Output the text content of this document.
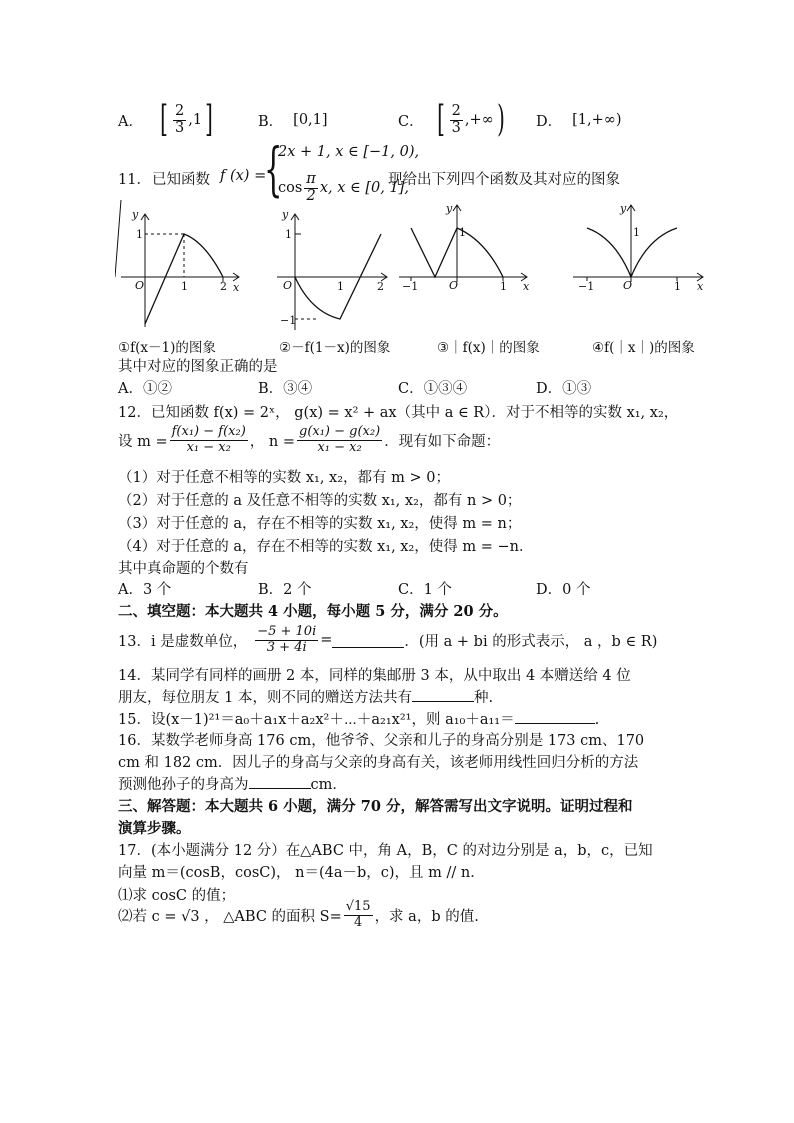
A． [ $\frac{2}{3} ,1$ ]	B． [0,1]	C． [ $\frac{2}{3}$ ,+∞ ) D． [1,+∞)
11． 已知函数 f (x) =
{
2x + 1, x ∈ [−1, 0),
$\cos \frac{\pi}{2} x$, x ∈ [0, 1],
现给出下列四个函数及其对应的图象
y
x
O
1
1	2
y
O
1
1	2
−1
y
x
O
1
−1	1
y
x
O
1
−1	1
①f(x－1)的图象	②－f(1－x)的图象	③｜f(x)｜的图象	④f(｜x｜)的图象
其中对应的图象正确的是
A．①②	B．③④	C．①③④	D．①③
12．已知函数 f(x) = 2ˣ， g(x) = x² + ax（其中 a ∈ R）．对于不相等的实数 x₁, x₂，
设 $m = \frac{\text{f(x₁) − f(x₂)}}{\text{x₁ − x₂}}$ ， $n = \frac{\text{g(x₁) − g(x₂)}}{\text{x₁ − x₂}}$ ．现有如下命题：
（1）对于任意不相等的实数 x₁, x₂，都有 m > 0；
（2）对于任意的 a 及任意不相等的实数 x₁, x₂，都有 n > 0；
（3）对于任意的 a，存在不相等的实数 x₁, x₂，使得 m = n；
（4）对于任意的 a，存在不相等的实数 x₁, x₂，使得 m = −n．
其中真命题的个数有
A．3 个	B．2 个	C．1 个	D．0 个
二、填空题：本大题共 4 小题，每小题 5 分，满分 20 分。
13．i 是虚数单位， $\frac{-5 + 10i}{3 + 4i}$ =	．(用 a + bi 的形式表示， a ，b ∈ R)
14．某同学有同样的画册 2 本，同样的集邮册 3 本，从中取出 4 本赠送给 4 位
朋友，每位朋友 1 本，则不同的赠送方法共有	种.
15．设(x－1)²¹＝a₀＋a₁x＋a₂x²＋⋯＋a₂₁x²¹，则 a₁₀＋a₁₁＝	.
16．某数学老师身高 176 cm，他爷爷、父亲和儿子的身高分别是 173 cm、170
cm 和 182 cm．因儿子的身高与父亲的身高有关，该老师用线性回归分析的方法
预测他孙子的身高为	cm．
三、解答题：本大题共 6 小题，满分 70 分，解答需写出文字说明。证明过程和
演算步骤。
17．(本小题满分 12 分）在△ABC 中，角 A，B，C 的对边分别是 a，b，c，已知
向量 m＝(cosB，cosC)， n＝(4a－b，c)，且 m // n．
⑴求 cosC 的值；
⑵若 c = √3 ， △ABC 的面积 $S= \frac{√15}{4}$ ，求 a，b 的值.
